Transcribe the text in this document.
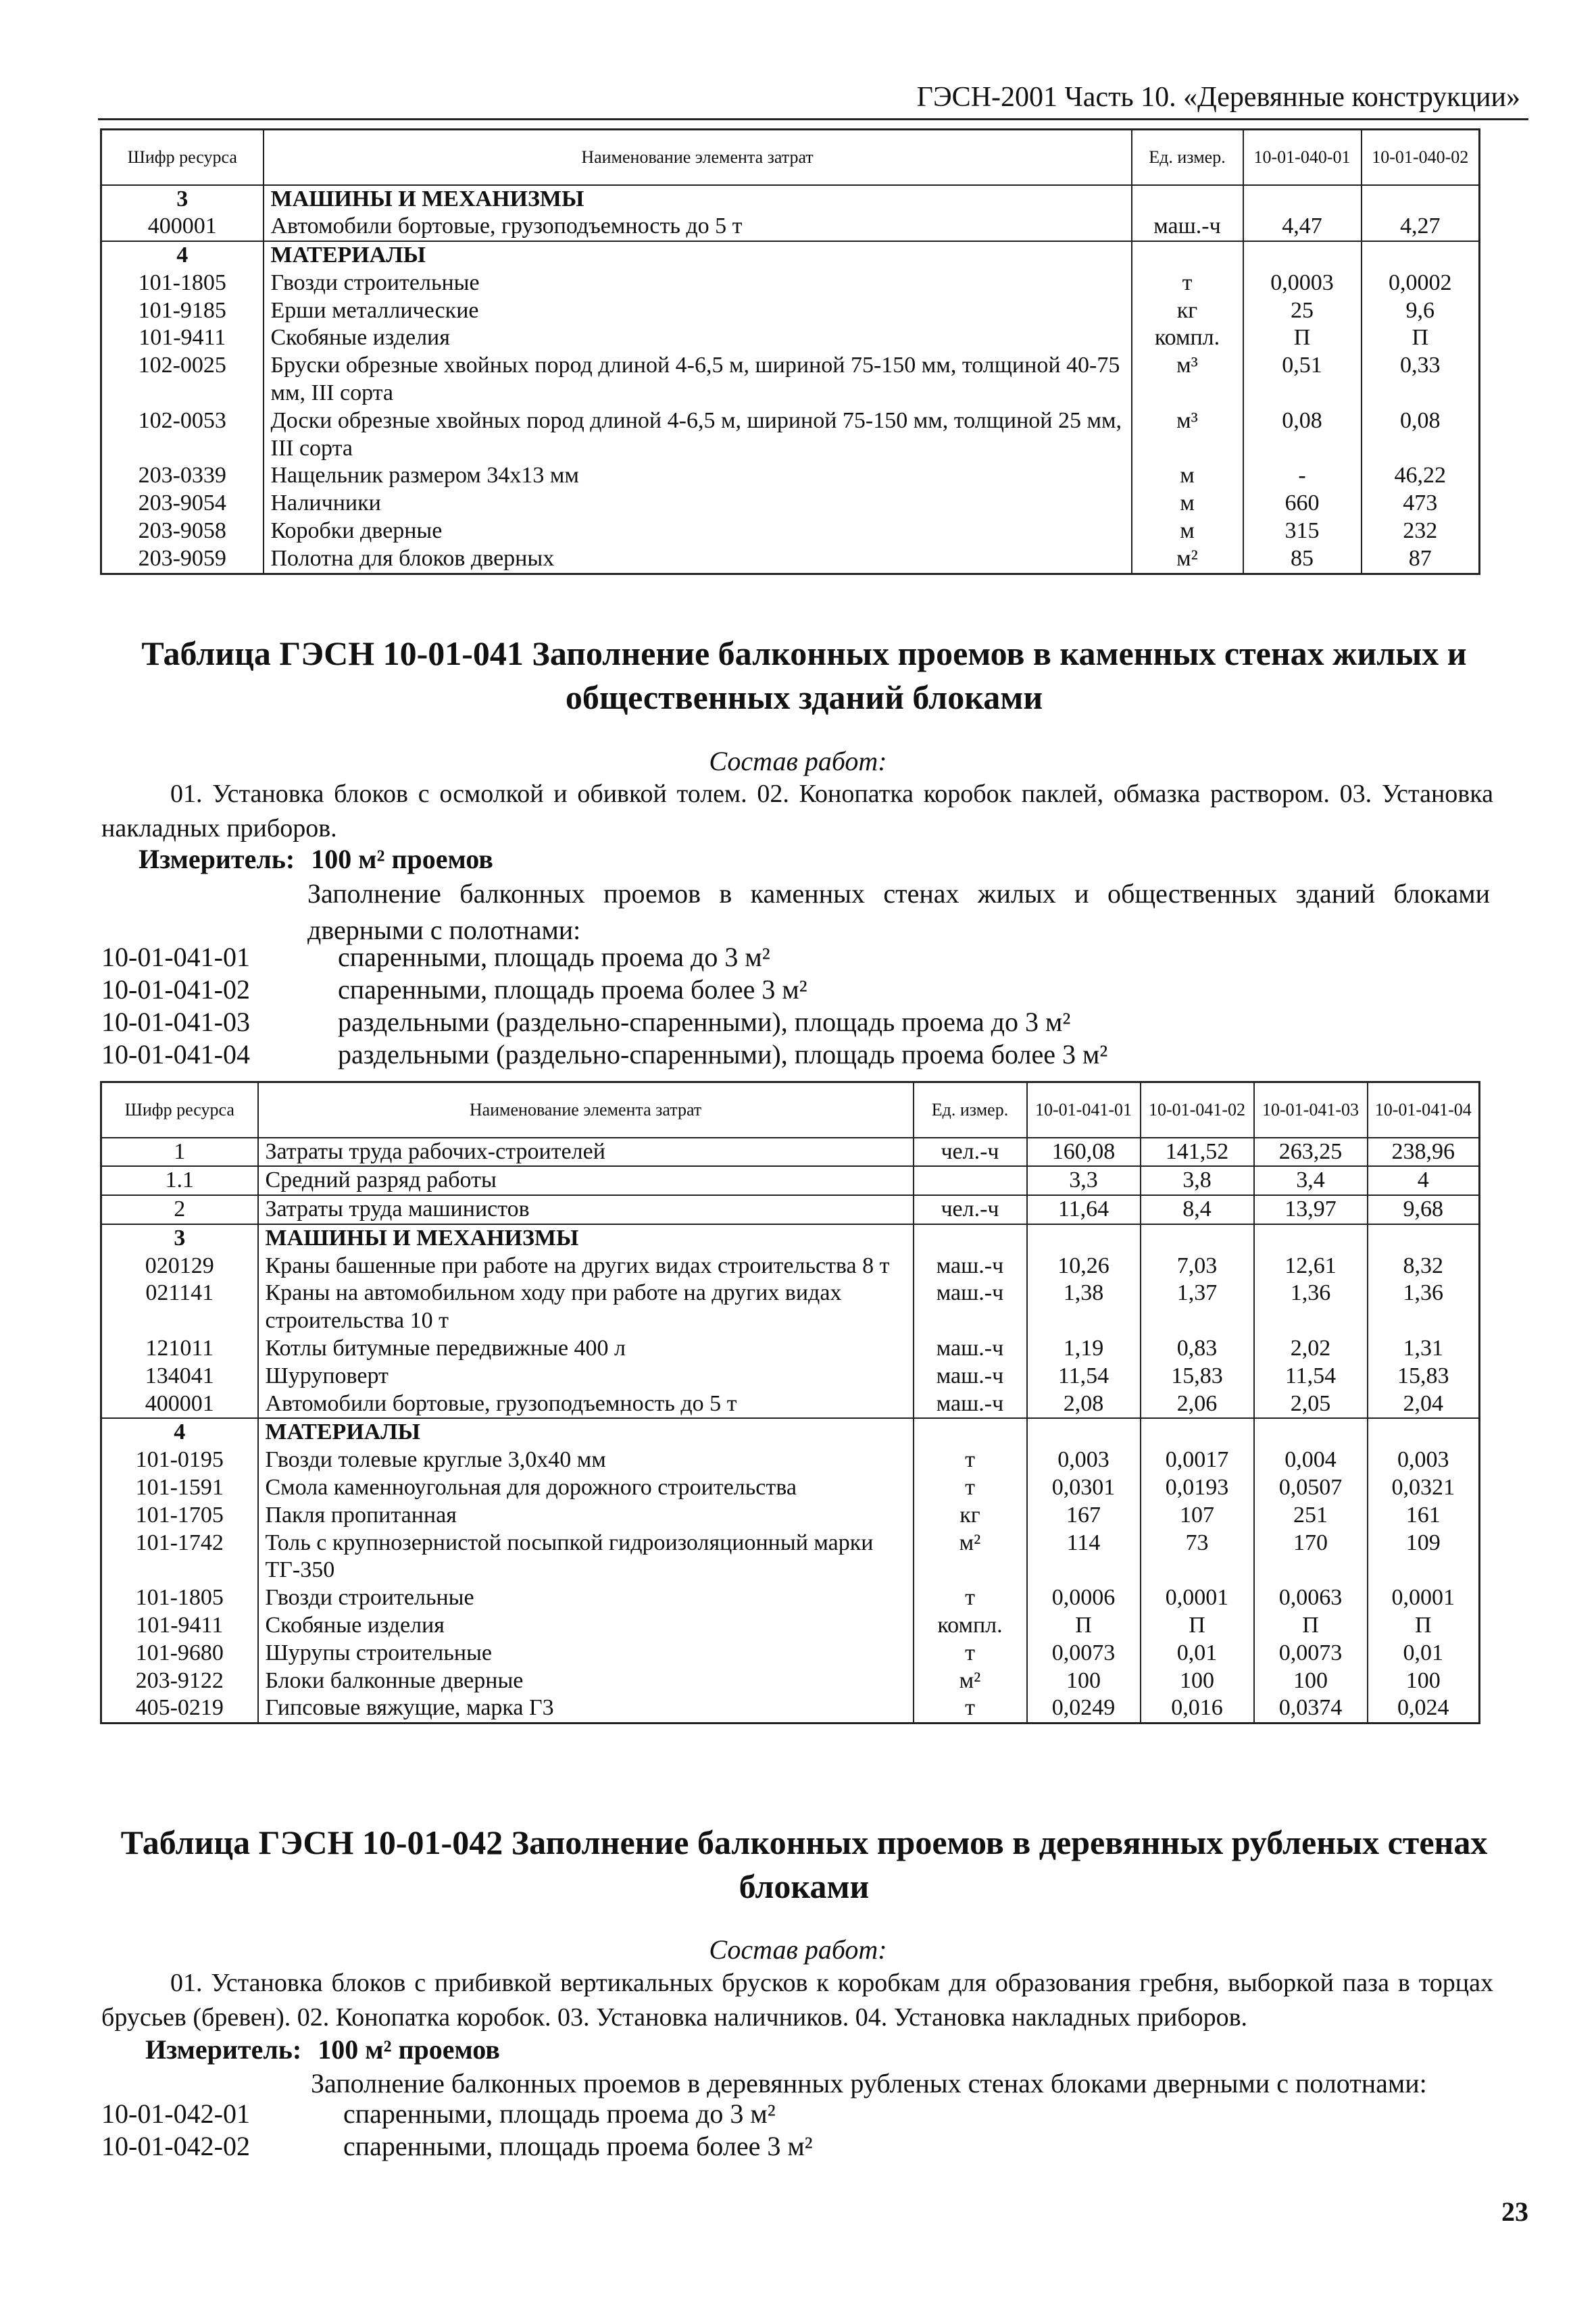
ГЭСН-2001 Часть 10. «Деревянные конструкции»
Шифр ресурса	Наименование элемента затрат	Ед. измер.	10-01-040-01	10-01-040-02
3	МАШИНЫ И МЕХАНИЗМЫ			
400001	Автомобили бортовые, грузоподъемность до 5 т	маш.-ч	4,47	4,27
4	МАТЕРИАЛЫ			
101-1805	Гвозди строительные	т	0,0003	0,0002
101-9185	Ерши металлические	кг	25	9,6
101-9411	Скобяные изделия	компл.	П	П
102-0025	Бруски обрезные хвойных пород длиной 4-6,5 м, шириной 75-150 мм, толщиной 40-75 мм, III сорта	м³	0,51	0,33
102-0053	Доски обрезные хвойных пород длиной 4-6,5 м, шириной 75-150 мм, толщиной 25 мм, III сорта	м³	0,08	0,08
203-0339	Нащельник размером 34х13 мм	м	-	46,22
203-9054	Наличники	м	660	473
203-9058	Коробки дверные	м	315	232
203-9059	Полотна для блоков дверных	м²	85	87
Таблица ГЭСН 10-01-041 Заполнение балконных проемов в каменных стенах жилых и общественных зданий блоками
Состав работ:
01. Установка блоков с осмолкой и обивкой толем. 02. Конопатка коробок паклей, обмазка раствором. 03. Установка накладных приборов.
Измеритель: 100 м² проемов
Заполнение балконных проемов в каменных стенах жилых и общественных зданий блоками дверными с полотнами:
10-01-041-01	спаренными, площадь проема до 3 м²
10-01-041-02	спаренными, площадь проема более 3 м²
10-01-041-03	раздельными (раздельно-спаренными), площадь проема до 3 м²
10-01-041-04	раздельными (раздельно-спаренными), площадь проема более 3 м²
Шифр ресурса	Наименование элемента затрат	Ед. измер.	10-01-041-01	10-01-041-02	10-01-041-03	10-01-041-04
1	Затраты труда рабочих-строителей	чел.-ч	160,08	141,52	263,25	238,96
1.1	Средний разряд работы		3,3	3,8	3,4	4
2	Затраты труда машинистов	чел.-ч	11,64	8,4	13,97	9,68
3	МАШИНЫ И МЕХАНИЗМЫ					
020129	Краны башенные при работе на других видах строительства 8 т	маш.-ч	10,26	7,03	12,61	8,32
021141	Краны на автомобильном ходу при работе на других видах строительства 10 т	маш.-ч	1,38	1,37	1,36	1,36
121011	Котлы битумные передвижные 400 л	маш.-ч	1,19	0,83	2,02	1,31
134041	Шуруповерт	маш.-ч	11,54	15,83	11,54	15,83
400001	Автомобили бортовые, грузоподъемность до 5 т	маш.-ч	2,08	2,06	2,05	2,04
4	МАТЕРИАЛЫ					
101-0195	Гвозди толевые круглые 3,0х40 мм	т	0,003	0,0017	0,004	0,003
101-1591	Смола каменноугольная для дорожного строительства	т	0,0301	0,0193	0,0507	0,0321
101-1705	Пакля пропитанная	кг	167	107	251	161
101-1742	Толь с крупнозернистой посыпкой гидроизоляционный марки ТГ-350	м²	114	73	170	109
101-1805	Гвозди строительные	т	0,0006	0,0001	0,0063	0,0001
101-9411	Скобяные изделия	компл.	П	П	П	П
101-9680	Шурупы строительные	т	0,0073	0,01	0,0073	0,01
203-9122	Блоки балконные дверные	м²	100	100	100	100
405-0219	Гипсовые вяжущие, марка Г3	т	0,0249	0,016	0,0374	0,024
Таблица ГЭСН 10-01-042 Заполнение балконных проемов в деревянных рубленых стенах блоками
Состав работ:
01. Установка блоков с прибивкой вертикальных брусков к коробкам для образования гребня, выборкой паза в торцах брусьев (бревен). 02. Конопатка коробок. 03. Установка наличников. 04. Установка накладных приборов.
Измеритель: 100 м² проемов
Заполнение балконных проемов в деревянных рубленых стенах блоками дверными с полотнами:
10-01-042-01	спаренными, площадь проема до 3 м²
10-01-042-02	спаренными, площадь проема более 3 м²
23
